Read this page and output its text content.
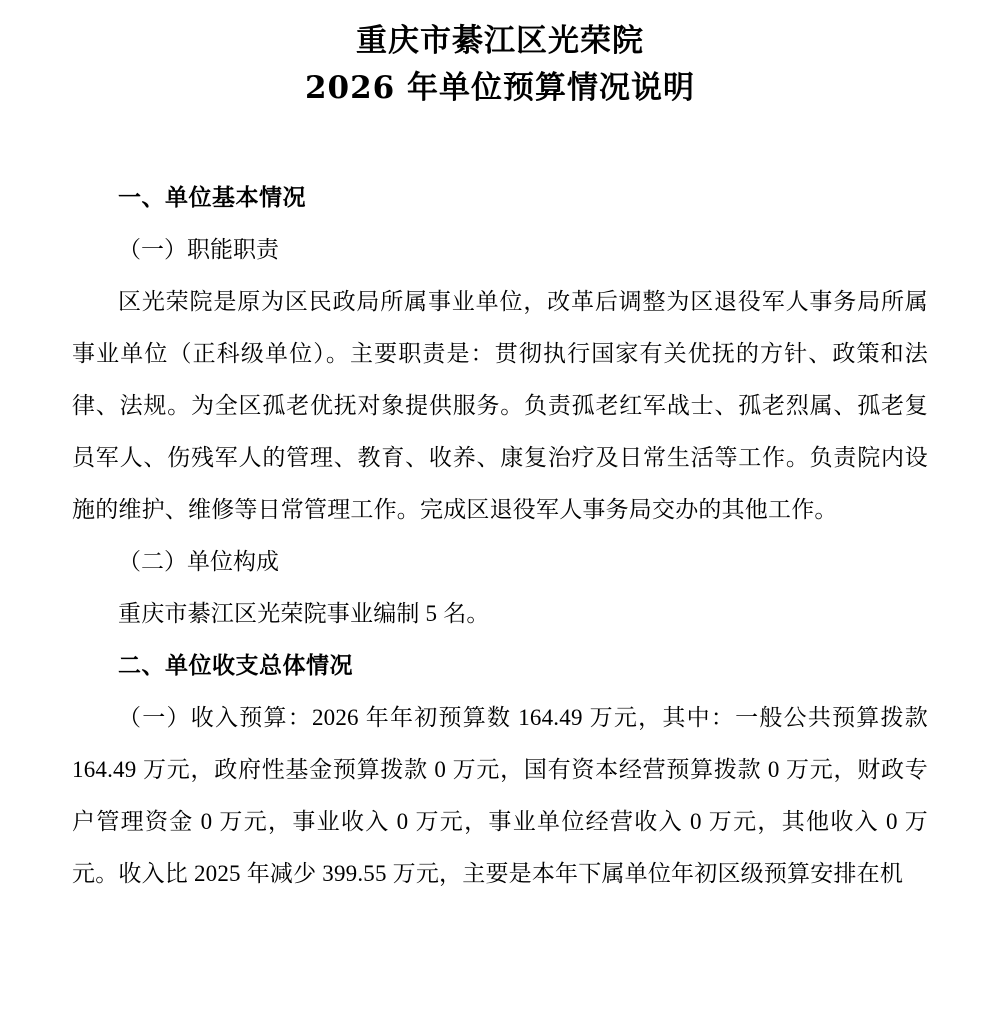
重庆市綦江区光荣院
2026 年单位预算情况说明
一、单位基本情况

（一）职能职责

区光荣院是原为区民政局所属事业单位，改革后调整为区退役军人事务局所属事业单位（正科级单位）。主要职责是：贯彻执行国家有关优抚的方针、政策和法律、法规。为全区孤老优抚对象提供服务。负责孤老红军战士、孤老烈属、孤老复员军人、伤残军人的管理、教育、收养、康复治疗及日常生活等工作。负责院内设施的维护、维修等日常管理工作。完成区退役军人事务局交办的其他工作。

（二）单位构成

重庆市綦江区光荣院事业编制 5 名。

二、单位收支总体情况

（一）收入预算：2026 年年初预算数 164.49 万元，其中：一般公共预算拨款 164.49 万元，政府性基金预算拨款 0 万元，国有资本经营预算拨款 0 万元，财政专户管理资金 0 万元，事业收入 0 万元，事业单位经营收入 0 万元，其他收入 0 万元。收入比 2025 年减少 399.55 万元，主要是本年下属单位年初区级预算安排在机
